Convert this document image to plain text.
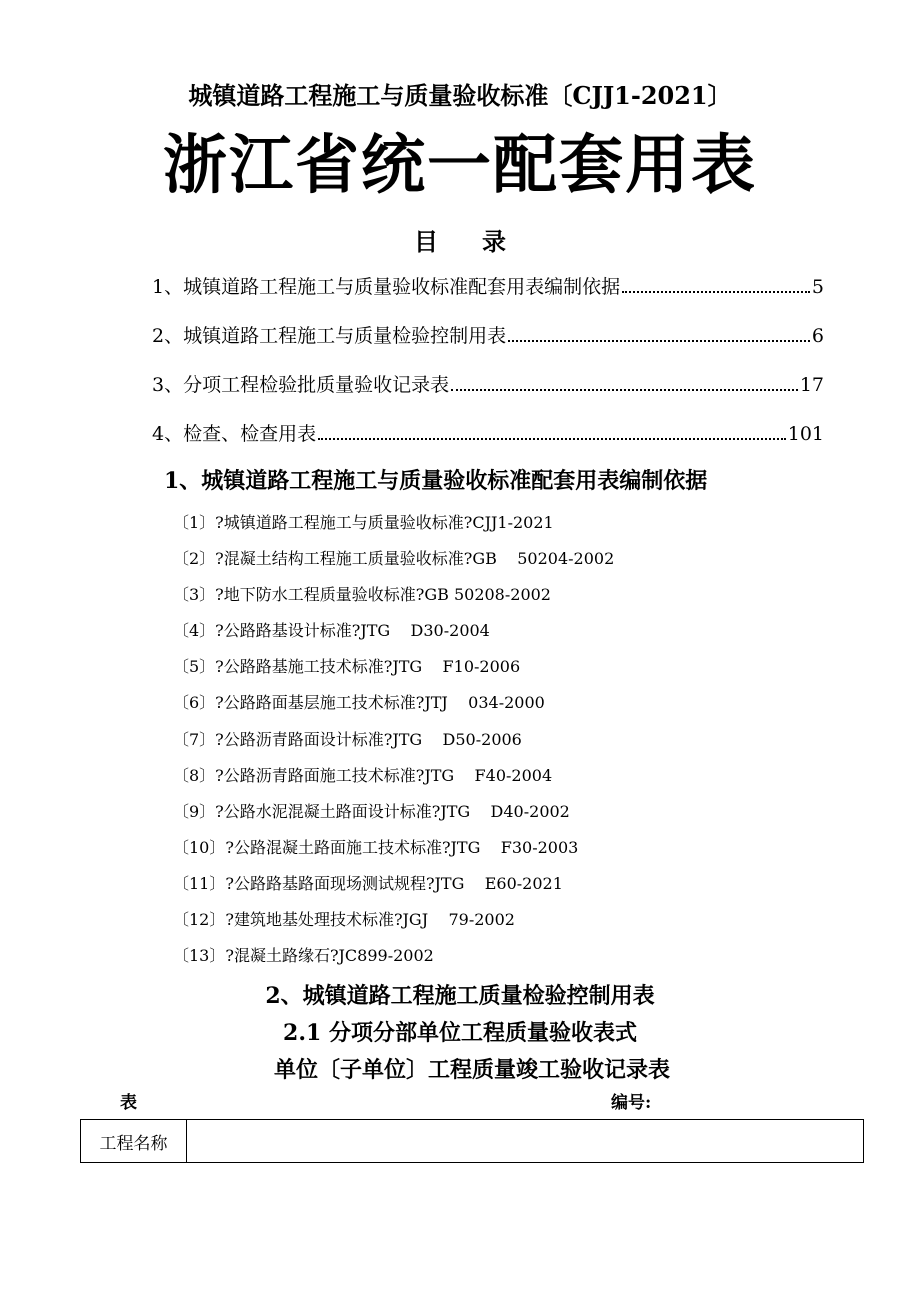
城镇道路工程施工与质量验收标准〔CJJ1-2021〕
浙江省统一配套用表
目录
1、城镇道路工程施工与质量验收标准配套用表编制依据	5
2、城镇道路工程施工与质量检验控制用表	6
3、分项工程检验批质量验收记录表	17
4、检查、检查用表	101
1、城镇道路工程施工与质量验收标准配套用表编制依据
〔1〕?城镇道路工程施工与质量验收标准?CJJ1-2021
〔2〕?混凝土结构工程施工质量验收标准?GB    50204-2002
〔3〕?地下防水工程质量验收标准?GB 50208-2002
〔4〕?公路路基设计标准?JTG    D30-2004
〔5〕?公路路基施工技术标准?JTG    F10-2006
〔6〕?公路路面基层施工技术标准?JTJ    034-2000
〔7〕?公路沥青路面设计标准?JTG    D50-2006
〔8〕?公路沥青路面施工技术标准?JTG    F40-2004
〔9〕?公路水泥混凝土路面设计标准?JTG    D40-2002
〔10〕?公路混凝土路面施工技术标准?JTG    F30-2003
〔11〕?公路路基路面现场测试规程?JTG    E60-2021
〔12〕?建筑地基处理技术标准?JGJ    79-2002
〔13〕?混凝土路缘石?JC899-2002
2、城镇道路工程施工质量检验控制用表
2.1 分项分部单位工程质量验收表式
单位〔子单位〕工程质量竣工验收记录表
表	编号:
工程名称
